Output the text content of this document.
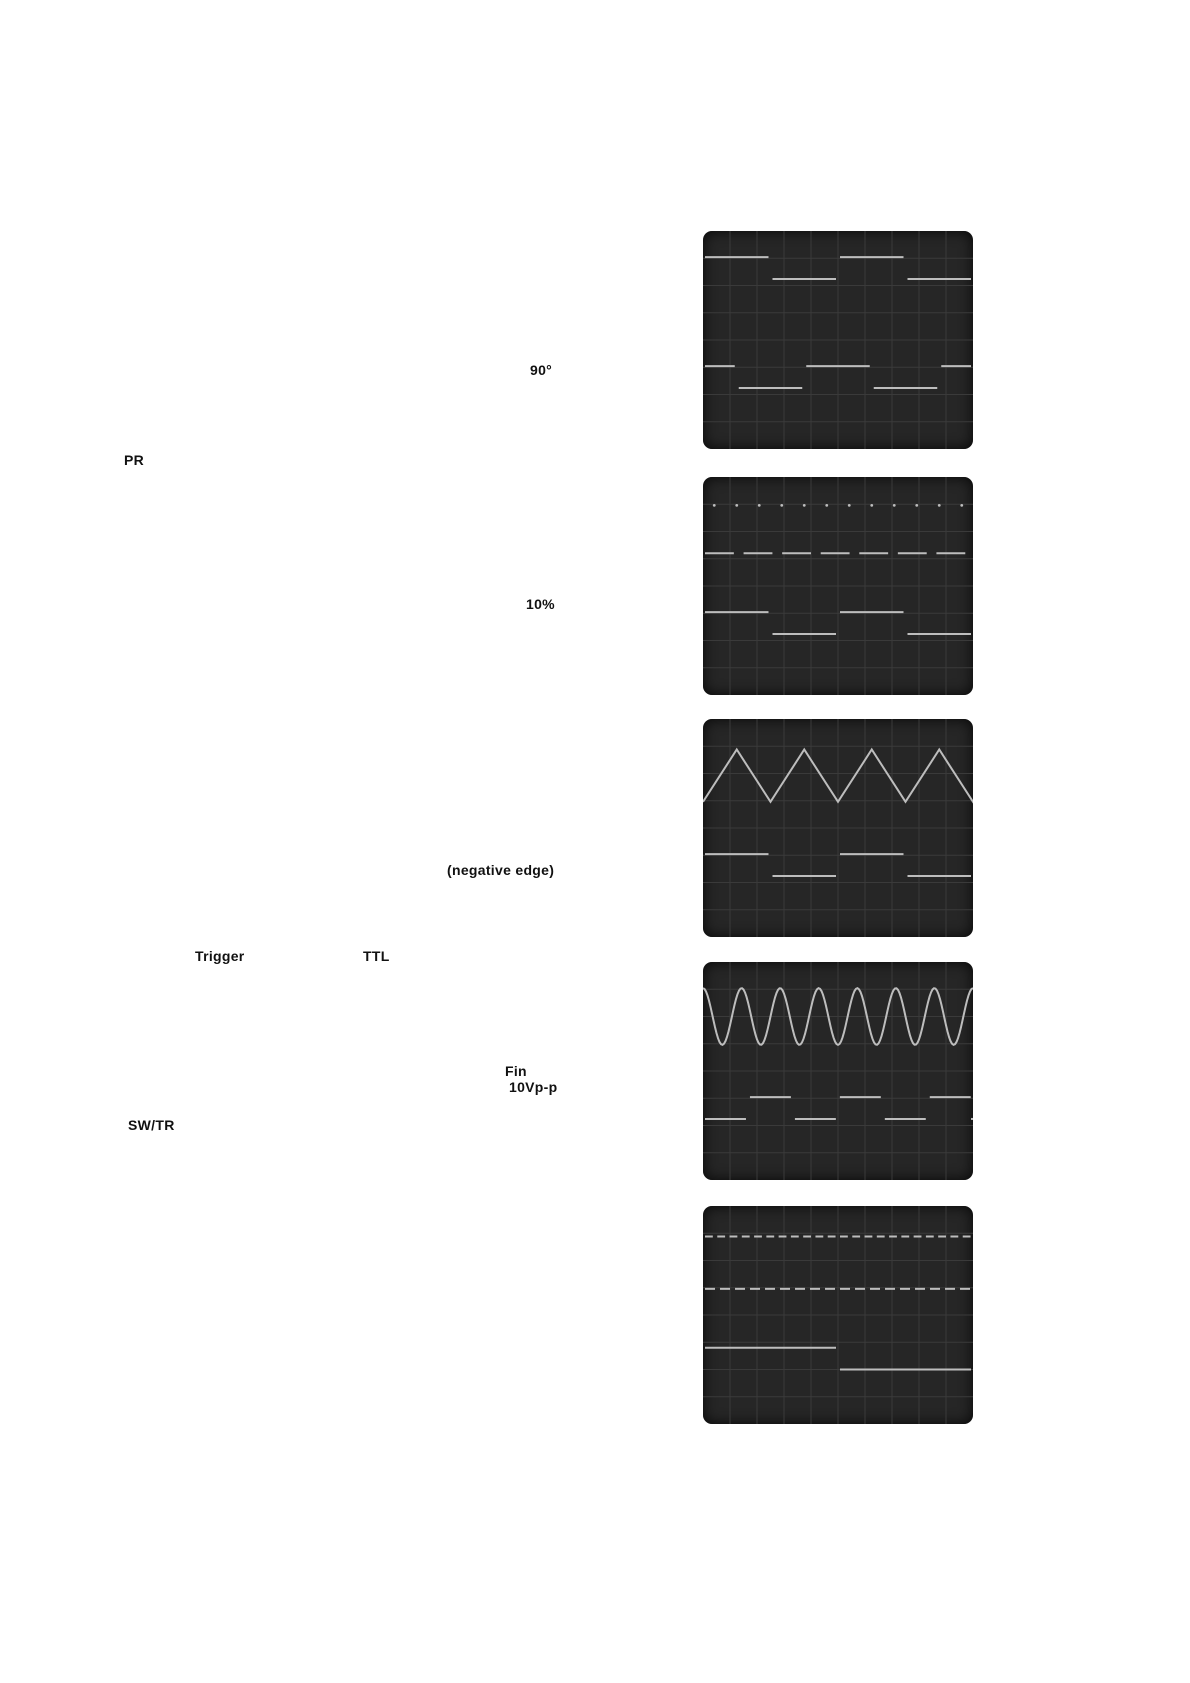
90°
PR
10%
(negative edge)
Trigger	TTL
Fin
10Vp-p
SW/TR
